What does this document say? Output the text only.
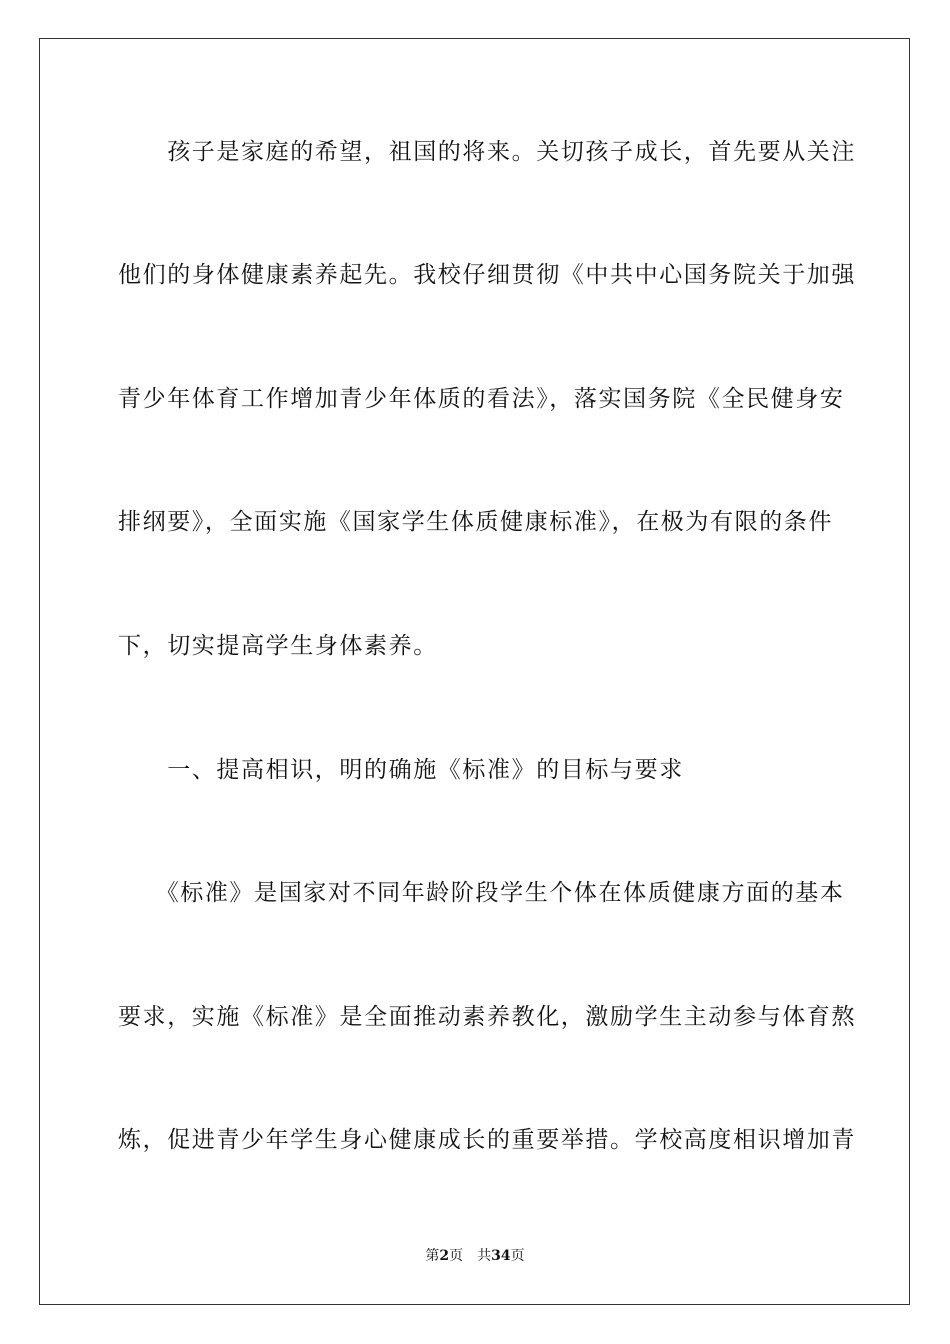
　　孩子是家庭的希望，祖国的将来。关切孩子成长，首先要从关注
他们的身体健康素养起先。我校仔细贯彻《中共中心国务院关于加强
青少年体育工作增加青少年体质的看法》，落实国务院《全民健身安
排纲要》，全面实施《国家学生体质健康标准》，在极为有限的条件
下，切实提高学生身体素养。
　　一、提高相识，明的确施《标准》的目标与要求
　　《标准》是国家对不同年龄阶段学生个体在体质健康方面的基本
要求，实施《标准》是全面推动素养教化，激励学生主动参与体育熬
炼，促进青少年学生身心健康成长的重要举措。学校高度相识增加青
第2页 共34页
